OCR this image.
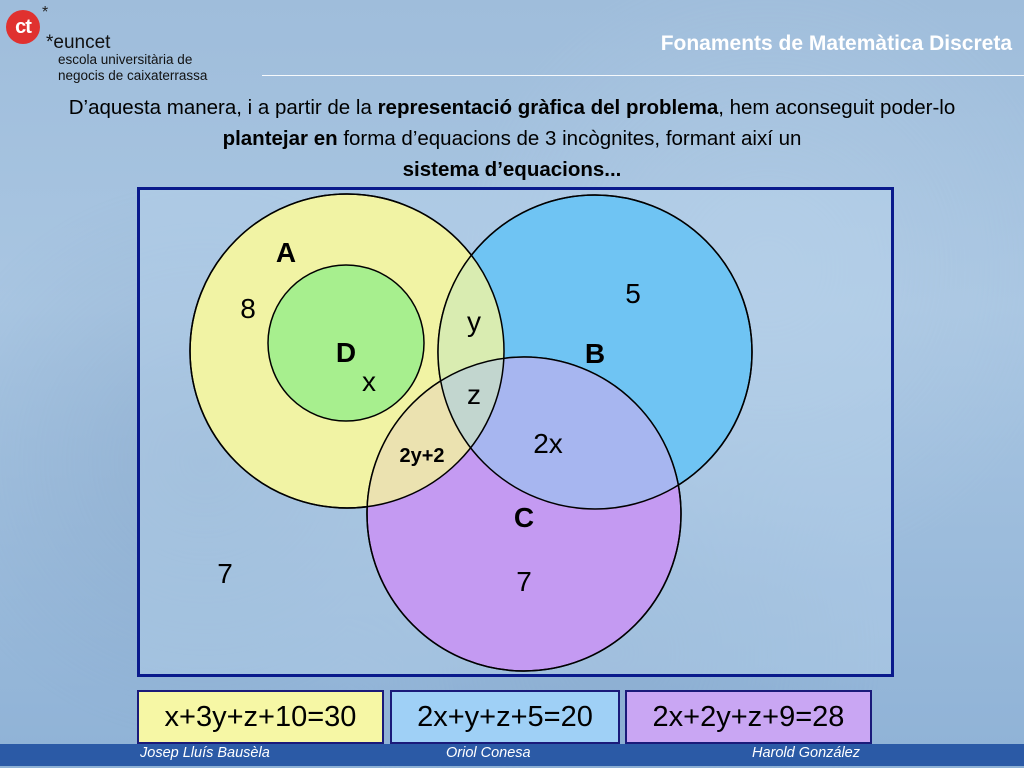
ct
*
*euncet
escola universitària de
negocis de caixaterrassa
Fonaments de Matemàtica Discreta
D’aquesta manera, i a partir de la representació gràfica del problema, hem aconseguit poder-lo
plantejar en forma d’equacions de 3 incògnites, formant així un
sistema d’equacions...
A
B
C
D
8	5
7
7
x
y
z
2x
2y+2
x+3y+z+10=30	2x+y+z+5=20	2x+2y+z+9=28
Josep Lluís Bausèla	Oriol Conesa	Harold González
